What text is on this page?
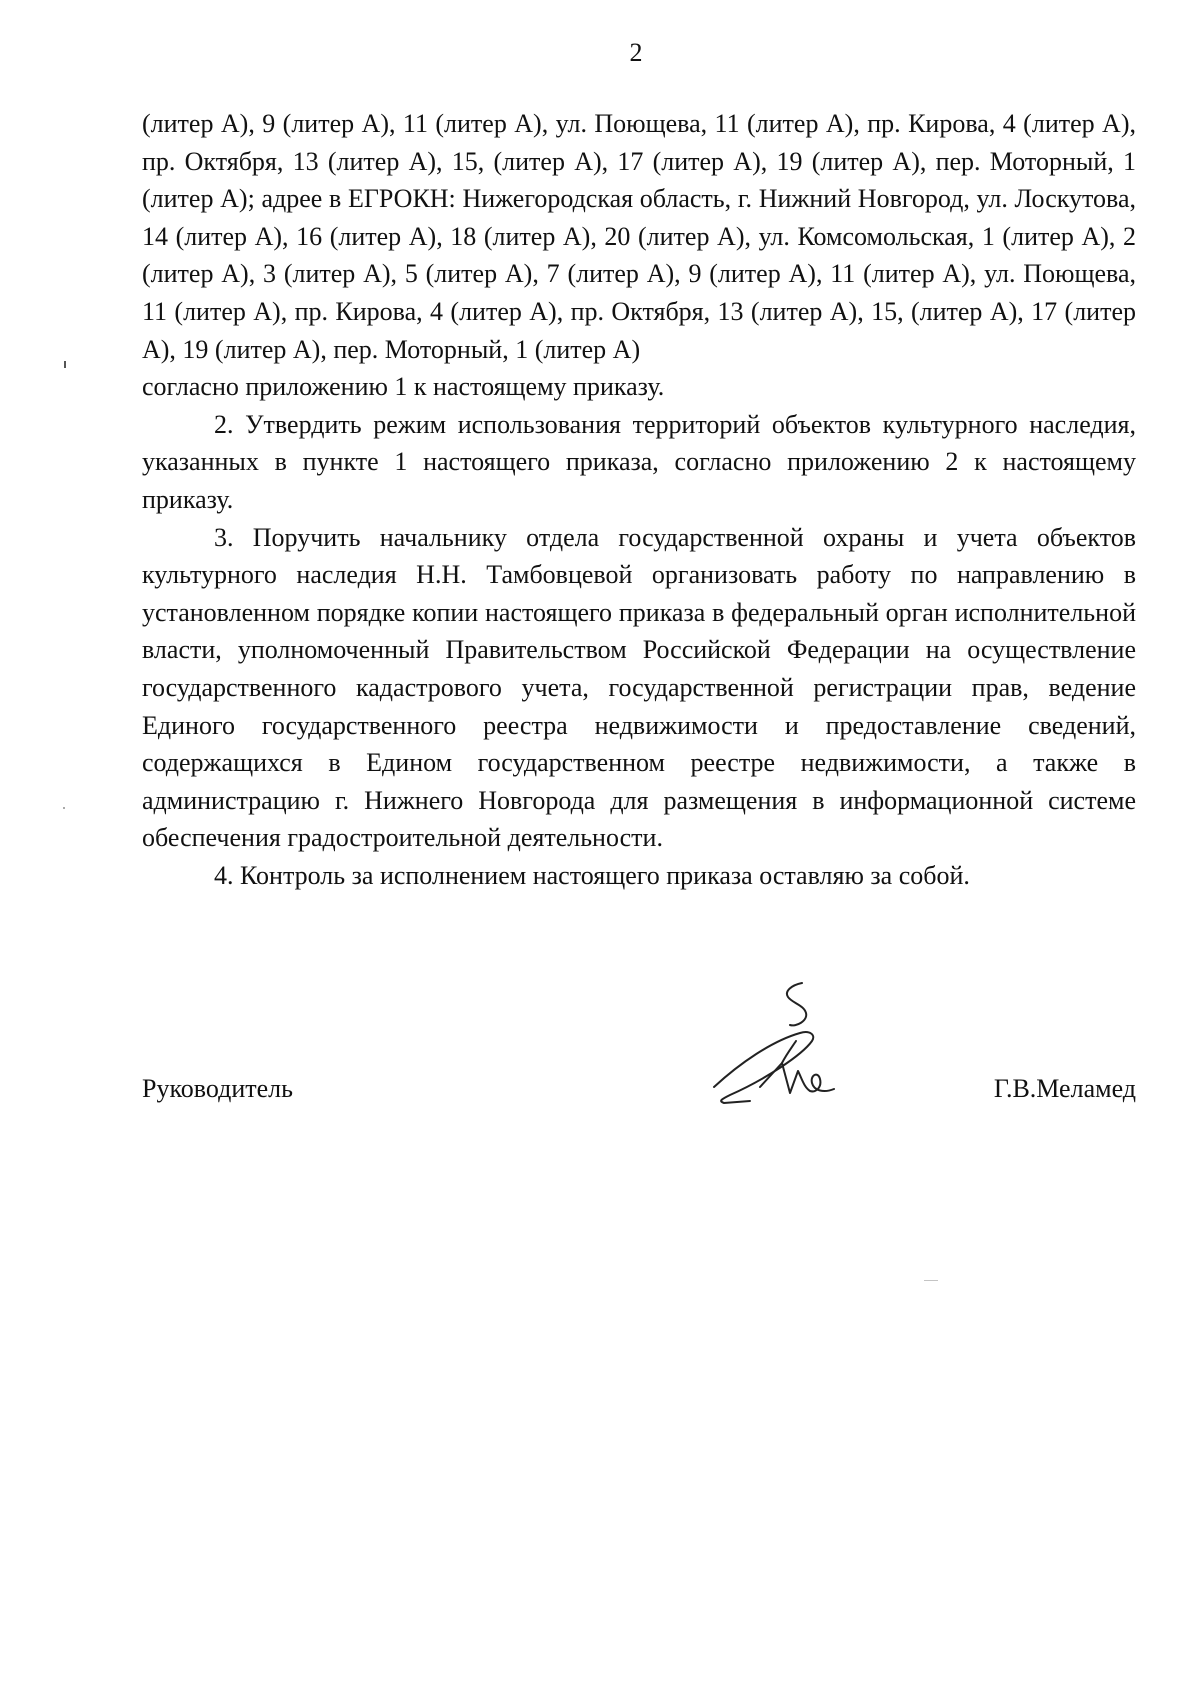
2

(литер А), 9 (литер А), 11 (литер А), ул. Поющева, 11 (литер А), пр. Кирова, 4 (литер А), пр. Октября, 13 (литер А), 15, (литер А), 17 (литер А), 19 (литер А), пер. Моторный, 1 (литер А); адрее в ЕГРОКН: Нижегородская область, г. Нижний Новгород, ул. Лоскутова, 14 (литер А), 16 (литер А), 18 (литер А), 20 (литер А), ул. Комсомольская, 1 (литер А), 2 (литер А), 3 (литер А), 5 (литер А), 7 (литер А), 9 (литер А), 11 (литер А), ул. Поющева, 11 (литер А), пр. Кирова, 4 (литер А), пр. Октября, 13 (литер А), 15, (литер А), 17 (литер А), 19 (литер А), пер. Моторный, 1 (литер А)

согласно приложению 1 к настоящему приказу.

2. Утвердить режим использования территорий объектов культурного наследия, указанных в пункте 1 настоящего приказа, согласно приложению 2 к настоящему приказу.

3. Поручить начальнику отдела государственной охраны и учета объектов культурного наследия Н.Н. Тамбовцевой организовать работу по направлению в установленном порядке копии настоящего приказа в федеральный орган исполнительной власти, уполномоченный Правительством Российской Федерации на осуществление государственного кадастрового учета, государственной регистрации прав, ведение Единого государственного реестра недвижимости и предоставление сведений, содержащихся в Едином государственном реестре недвижимости, а также в администрацию г. Нижнего Новгорода для размещения в информационной системе обеспечения градостроительной деятельности.

4. Контроль за исполнением настоящего приказа оставляю за собой.

Руководитель	Г.В.Меламед
